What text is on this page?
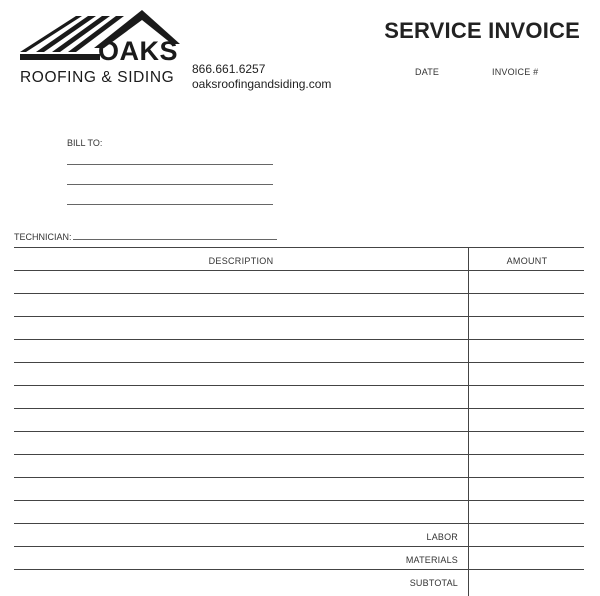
OAKS
ROOFING & SIDING 866.661.6257
oaksroofingandsiding.com
SERVICE INVOICE
DATE	INVOICE #
BILL TO:
TECHNICIAN:
DESCRIPTION	AMOUNT
LABOR
MATERIALS
SUBTOTAL
